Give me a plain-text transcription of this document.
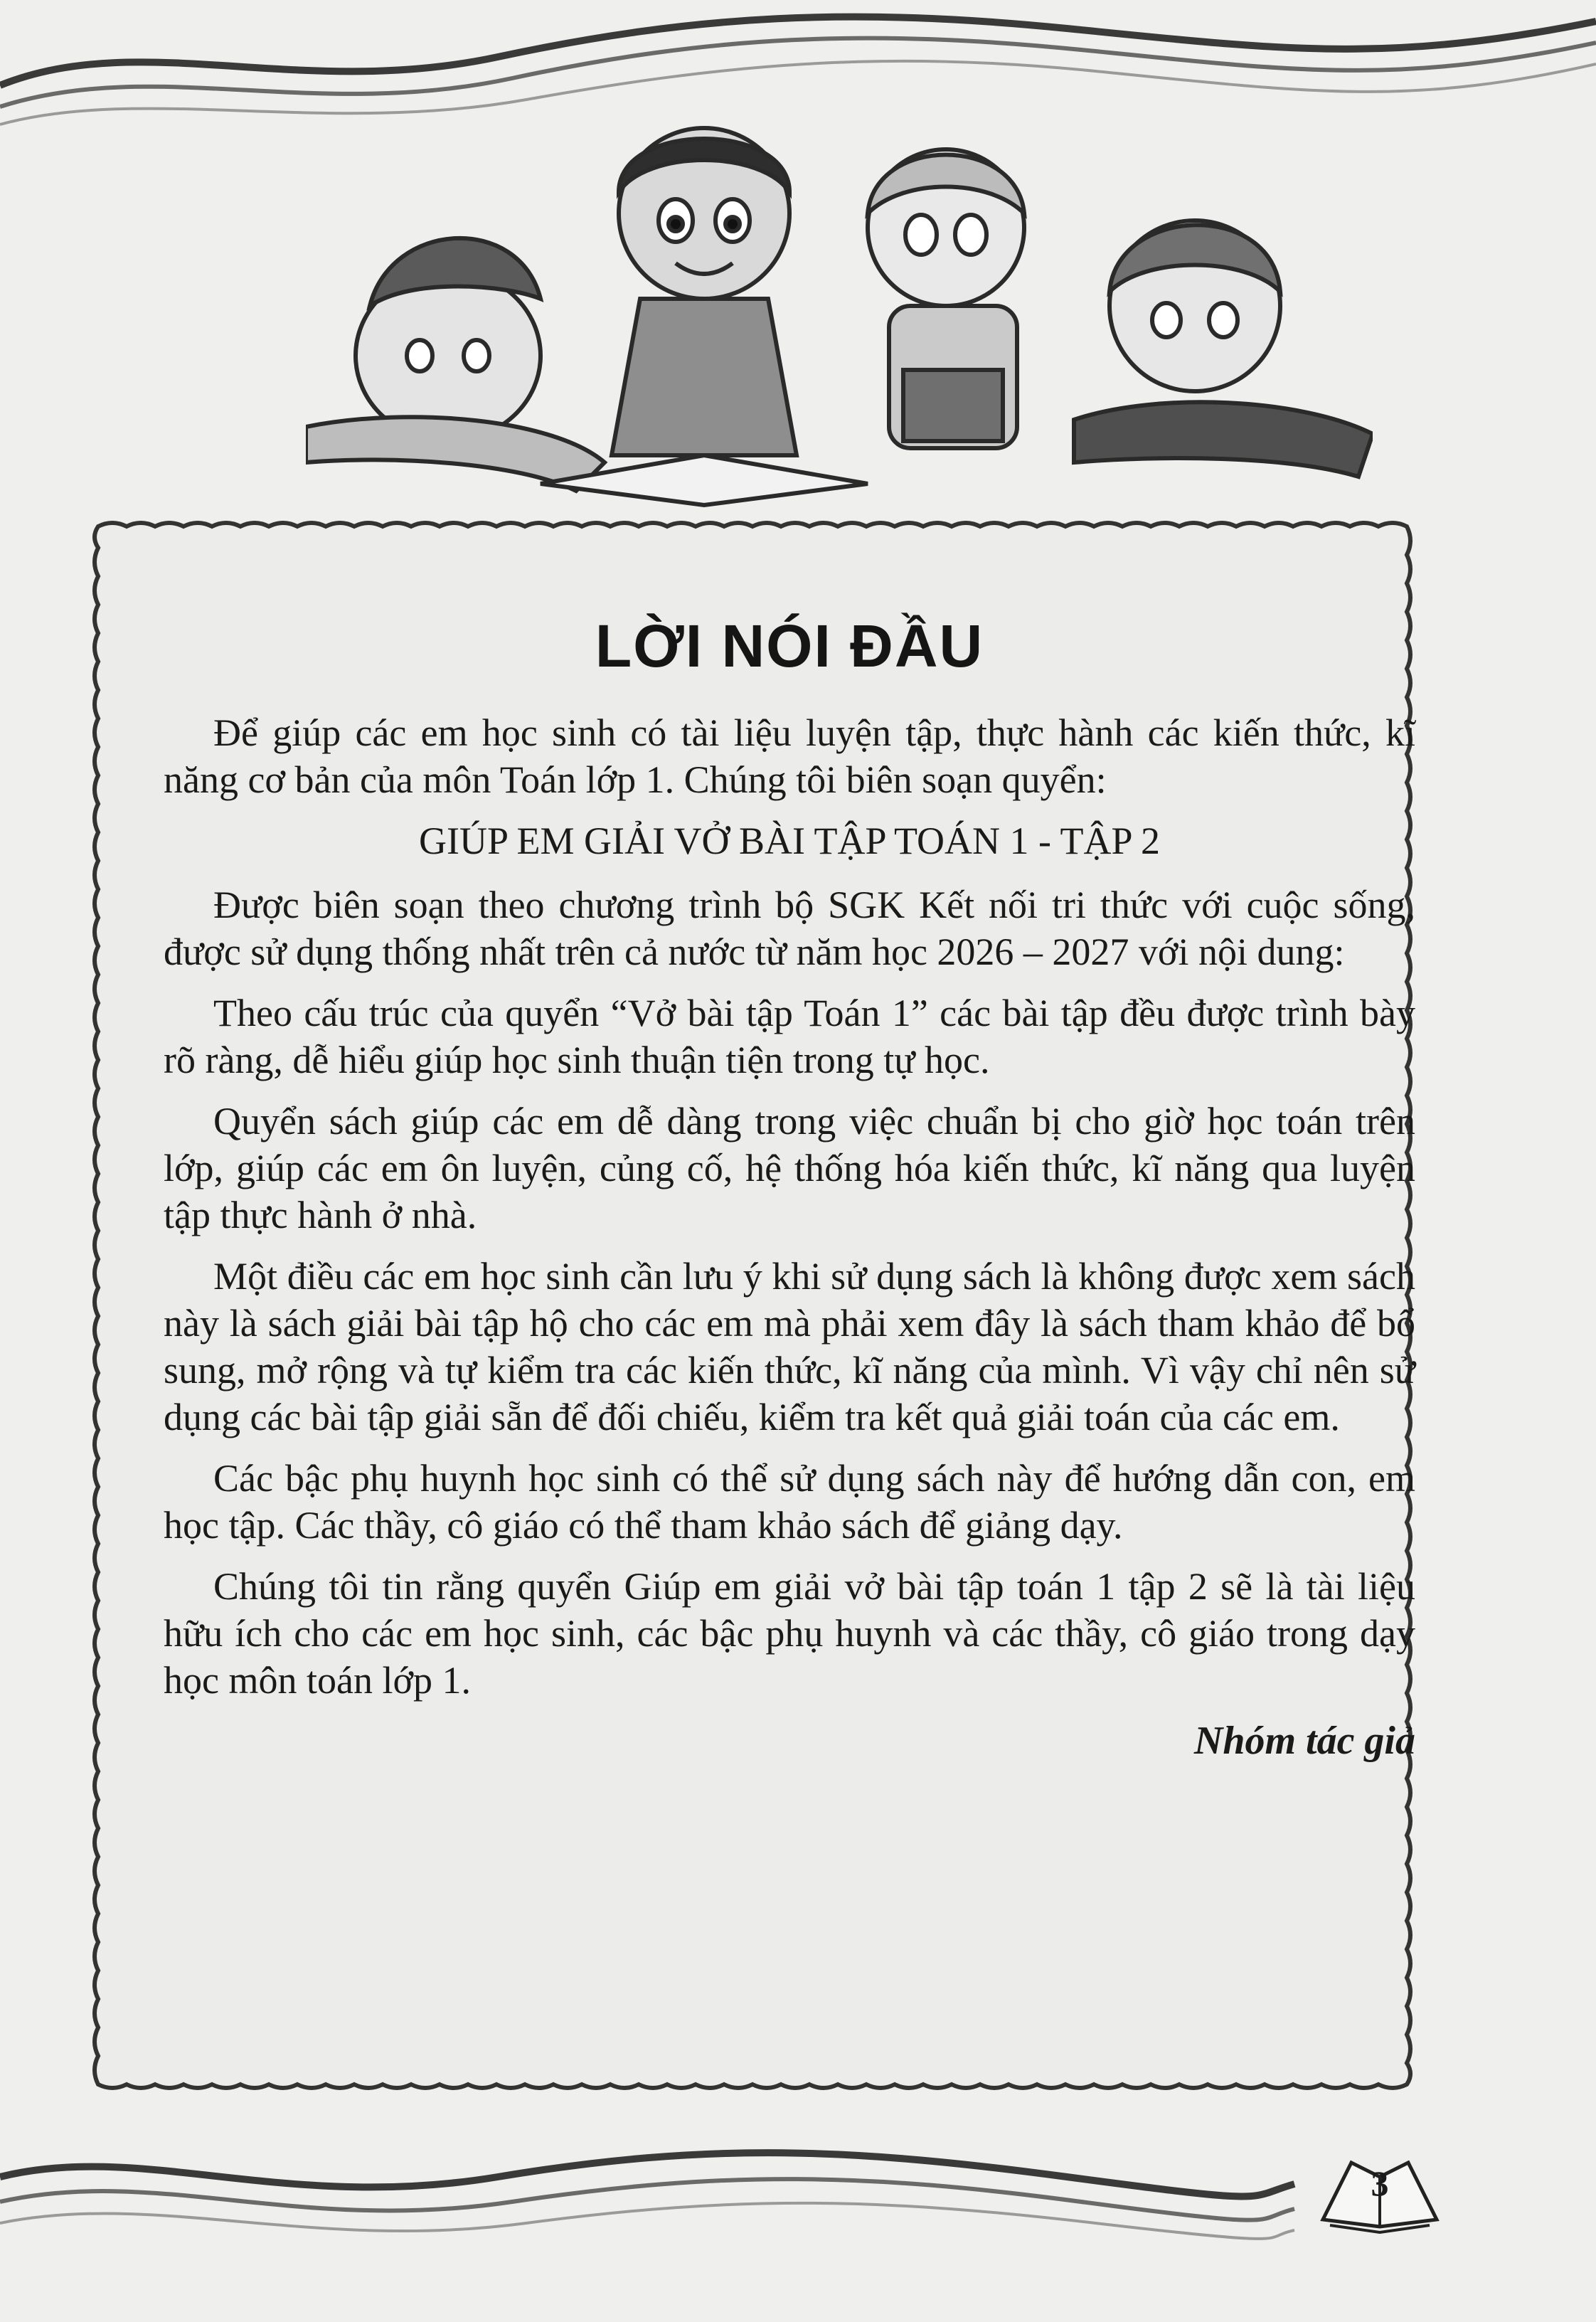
LỜI NÓI ĐẦU

Để giúp các em học sinh có tài liệu luyện tập, thực hành các kiến thức, kĩ năng cơ bản của môn Toán lớp 1. Chúng tôi biên soạn quyển:

GIÚP EM GIẢI VỞ BÀI TẬP TOÁN 1 - TẬP 2

Được biên soạn theo chương trình bộ SGK Kết nối tri thức với cuộc sống, được sử dụng thống nhất trên cả nước từ năm học 2026 – 2027 với nội dung:

Theo cấu trúc của quyển “Vở bài tập Toán 1” các bài tập đều được trình bày rõ ràng, dễ hiểu giúp học sinh thuận tiện trong tự học.

Quyển sách giúp các em dễ dàng trong việc chuẩn bị cho giờ học toán trên lớp, giúp các em ôn luyện, củng cố, hệ thống hóa kiến thức, kĩ năng qua luyện tập thực hành ở nhà.

Một điều các em học sinh cần lưu ý khi sử dụng sách là không được xem sách này là sách giải bài tập hộ cho các em mà phải xem đây là sách tham khảo để bổ sung, mở rộng và tự kiểm tra các kiến thức, kĩ năng của mình. Vì vậy chỉ nên sử dụng các bài tập giải sẵn để đối chiếu, kiểm tra kết quả giải toán của các em.

Các bậc phụ huynh học sinh có thể sử dụng sách này để hướng dẫn con, em học tập. Các thầy, cô giáo có thể tham khảo sách để giảng dạy.

Chúng tôi tin rằng quyển Giúp em giải vở bài tập toán 1 tập 2 sẽ là tài liệu hữu ích cho các em học sinh, các bậc phụ huynh và các thầy, cô giáo trong dạy học môn toán lớp 1.

Nhóm tác giả
3
